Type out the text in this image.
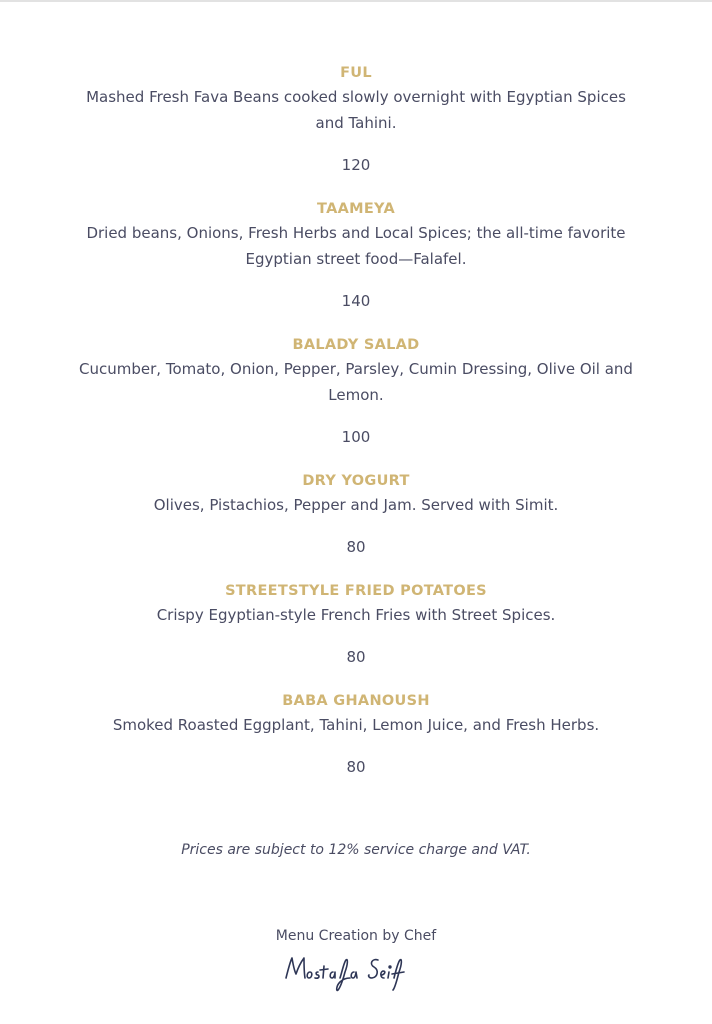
FUL
Mashed Fresh Fava Beans cooked slowly overnight with Egyptian Spices and Tahini.
120
TAAMEYA
Dried beans, Onions, Fresh Herbs and Local Spices; the all-time favorite Egyptian street food—Falafel.
140
BALADY SALAD
Cucumber, Tomato, Onion, Pepper, Parsley, Cumin Dressing, Olive Oil and Lemon.
100
DRY YOGURT
Olives, Pistachios, Pepper and Jam. Served with Simit.
80
STREETSTYLE FRIED POTATOES
Crispy Egyptian-style French Fries with Street Spices.
80
BABA GHANOUSH
Smoked Roasted Eggplant, Tahini, Lemon Juice, and Fresh Herbs.
80
Prices are subject to 12% service charge and VAT.
Menu Creation by Chef
